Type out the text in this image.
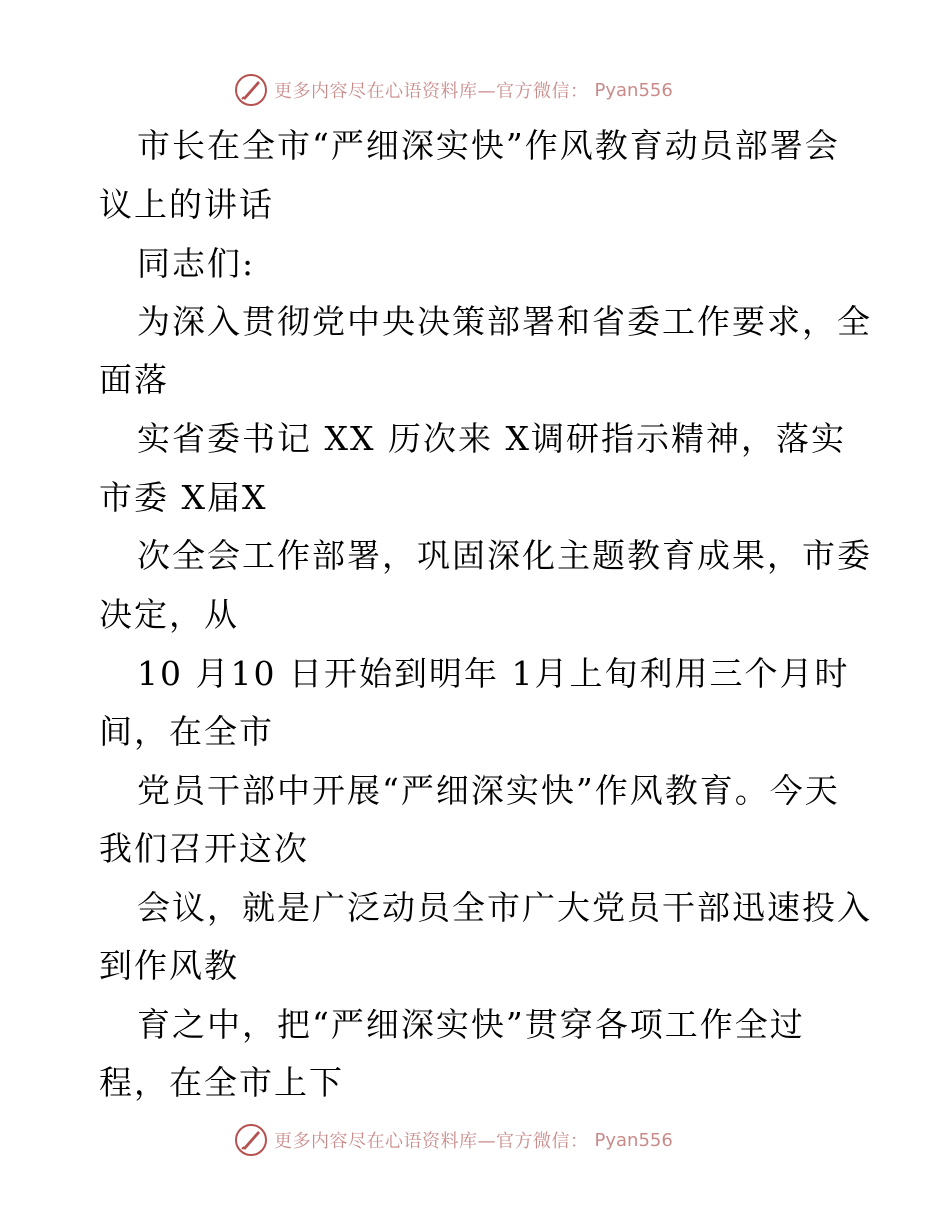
更多内容尽在心语资料库—官方微信： Pyan556
市长在全市“严细深实快”作风教育动员部署会
议上的讲话
同志们:
为深入贯彻党中央决策部署和省委工作要求，全
面落
实省委书记 XX 历次来 X调研指示精神，落实
市委 X届X
次全会工作部署，巩固深化主题教育成果，市委
决定，从
10 月10 日开始到明年 1月上旬利用三个月时
间，在全市
党员干部中开展“严细深实快”作风教育。今天
我们召开这次
会议，就是广泛动员全市广大党员干部迅速投入
到作风教
育之中，把“严细深实快”贯穿各项工作全过
程，在全市上下
更多内容尽在心语资料库—官方微信： Pyan556
